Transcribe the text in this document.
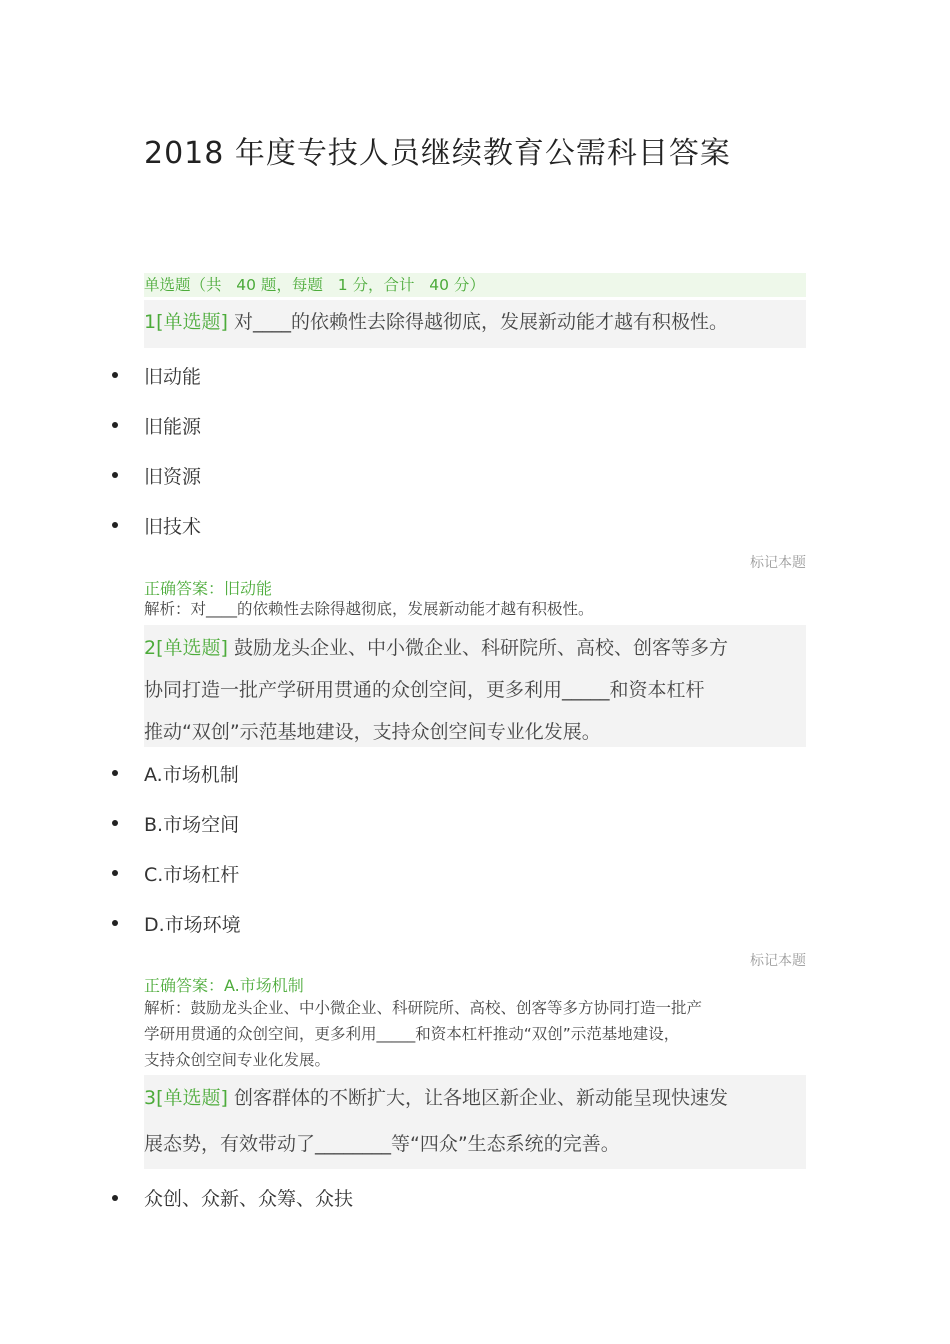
2018 年度专技人员继续教育公需科目答案
单选题（共   40 题，每题   1 分，合计   40 分）
1[单选题] 对____的依赖性去除得越彻底，发展新动能才越有积极性。
旧动能
旧能源
旧资源
旧技术
标记本题
正确答案：旧动能
解析：对____的依赖性去除得越彻底，发展新动能才越有积极性。
2[单选题] 鼓励龙头企业、中小微企业、科研院所、高校、创客等多方
协同打造一批产学研用贯通的众创空间，更多利用_____和资本杠杆
推动“双创”示范基地建设，支持众创空间专业化发展。
A.市场机制
B.市场空间
C.市场杠杆
D.市场环境
标记本题
正确答案：A.市场机制
解析：鼓励龙头企业、中小微企业、科研院所、高校、创客等多方协同打造一批产
学研用贯通的众创空间，更多利用_____和资本杠杆推动“双创”示范基地建设，
支持众创空间专业化发展。
3[单选题] 创客群体的不断扩大，让各地区新企业、新动能呈现快速发
展态势，有效带动了________等“四众”生态系统的完善。
众创、众新、众筹、众扶
